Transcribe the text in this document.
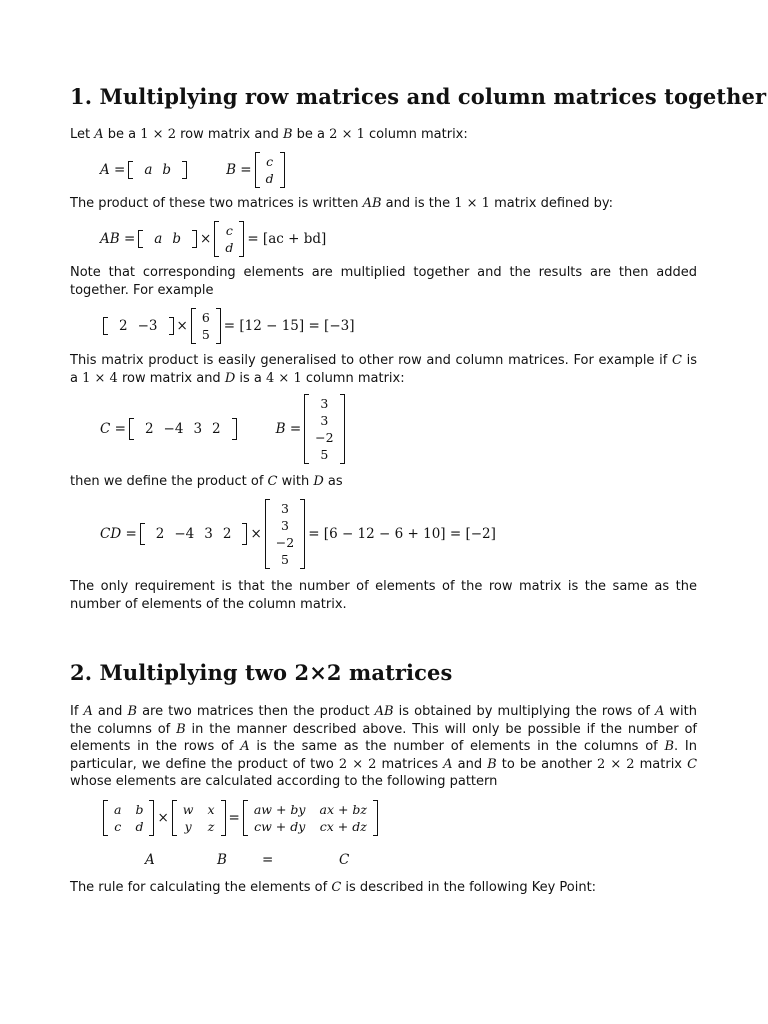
1. Multiplying row matrices and column matrices together
Let A be a 1 × 2 row matrix and B be a 2 × 1 column matrix:
A = a b	B =
c
d
The product of these two matrices is written AB and is the 1 × 1 matrix defined by:
AB = a b ×
c
d
= [ac + bd]
Note that corresponding elements are multiplied together and the results are then added together. For example
2 −3 ×
6
5
= [12 − 15] = [−3]
This matrix product is easily generalised to other row and column matrices. For example if C is a 1 × 4 row matrix and D is a 4 × 1 column matrix:
C = 2 −4 3 2	B =
3
3
−2
5
then we define the product of C with D as
CD = 2 −4 3 2 ×
3
3
−2
5
= [6 − 12 − 6 + 10] = [−2]
The only requirement is that the number of elements of the row matrix is the same as the number of elements of the column matrix.
2. Multiplying two 2×2 matrices
If A and B are two matrices then the product AB is obtained by multiplying the rows of A with the columns of B in the manner described above. This will only be possible if the number of elements in the rows of A is the same as the number of elements in the columns of B. In particular, we define the product of two 2 × 2 matrices A and B to be another 2 × 2 matrix C whose elements are calculated according to the following pattern
a b
c d
×
w x
y z
=
aw + by ax + bz
cw + dy cx + dz
A	B	=	C
The rule for calculating the elements of C is described in the following Key Point:
